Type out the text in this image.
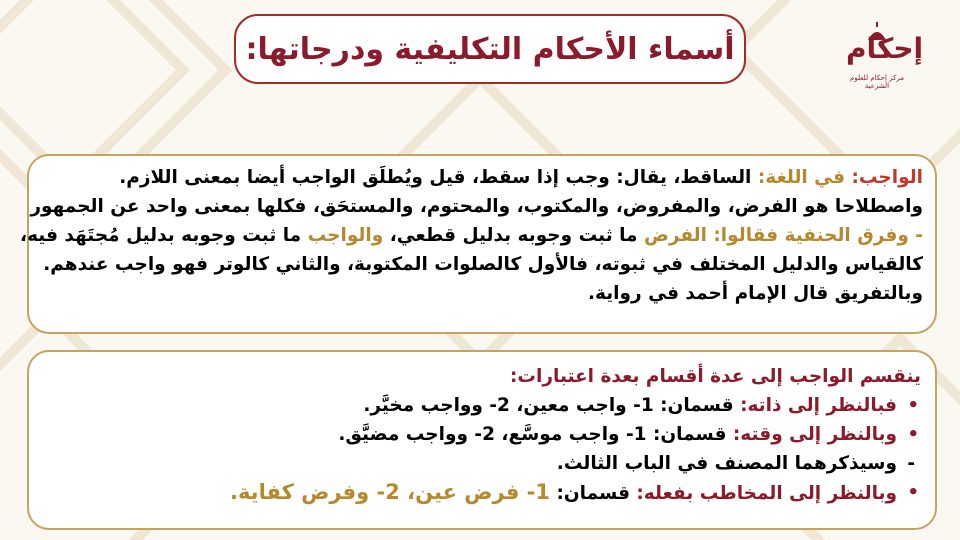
أسماء الأحكام التكليفية ودرجاتها:	إحكام
مركز إحكام للعلوم الشرعية
الواجب: في اللغة: الساقط، يقال: وجب إذا سقط، قيل ويُطلَق الواجب أيضا بمعنى اللازم.
واصطلاحا هو الفرض، والمفروض، والمكتوب، والمحتوم، والمستحَق، فكلها بمعنى واحد عن الجمهور
- وفرق الحنفية فقالوا: الفرض ما ثبت وجوبه بدليل قطعي، والواجب ما ثبت وجوبه بدليل مُجتَهَد فيه،
كالقياس والدليل المختلف في ثبوته، فالأول كالصلوات المكتوبة، والثاني كالوتر فهو واجب عندهم.
وبالتفريق قال الإمام أحمد في رواية.
ينقسم الواجب إلى عدة أقسام بعدة اعتبارات:
•
فبالنظر إلى ذاته: قسمان: 1- واجب معين، 2- وواجب مخيَّر.
•
وبالنظر إلى وقته: قسمان: 1- واجب موسَّع، 2- وواجب مضيَّق.
-
وسيذكرهما المصنف في الباب الثالث.
•
وبالنظر إلى المخاطب بفعله: قسمان: 1- فرض عين، 2- وفرض كفاية.
